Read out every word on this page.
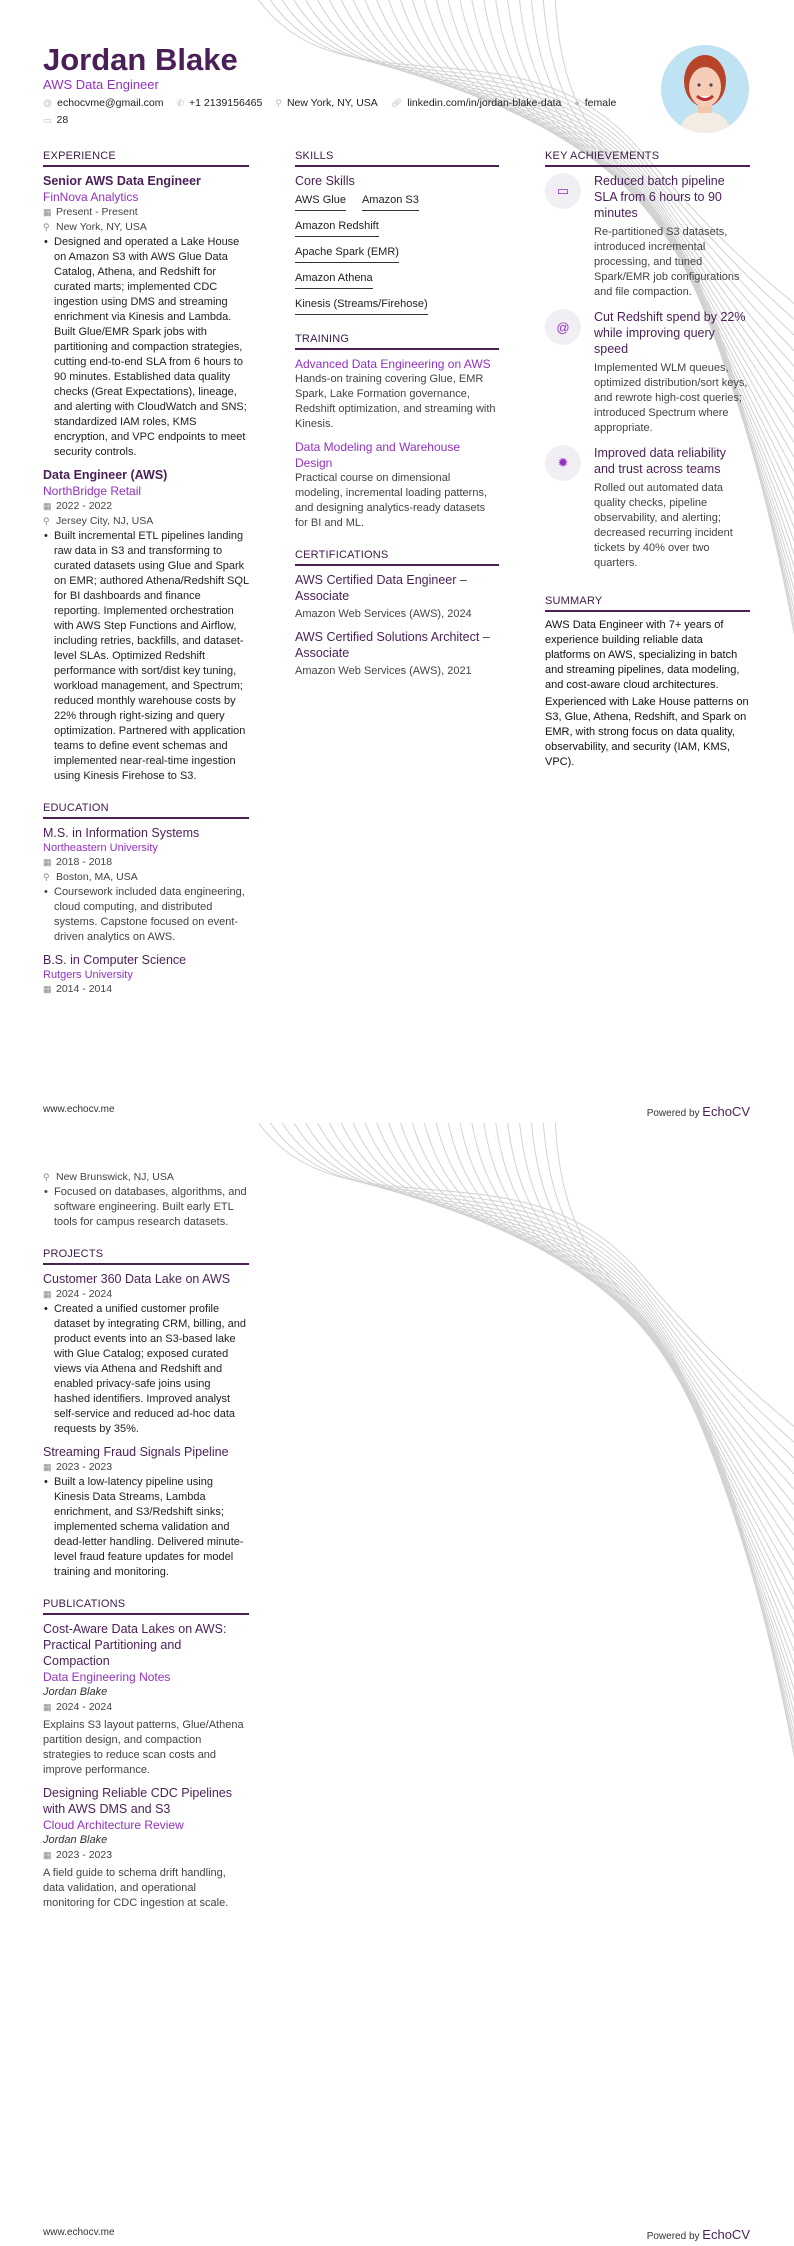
Jordan Blake
AWS Data Engineer
@ echocvme@gmail.com ✆ +1 2139156465 ⚲ New York, NY, USA 🔗︎ linkedin.com/in/jordan-blake-data ● female
▭ 28
EXPERIENCE
Senior AWS Data Engineer
FinNova Analytics
▦ Present - Present
⚲ New York, NY, USA
• Designed and operated a Lake House on Amazon S3 with AWS Glue Data Catalog, Athena, and Redshift for curated marts; implemented CDC ingestion using DMS and streaming enrichment via Kinesis and Lambda. Built Glue/EMR Spark jobs with partitioning and compaction strategies, cutting end-to-end SLA from 6 hours to 90 minutes. Established data quality checks (Great Expectations), lineage, and alerting with CloudWatch and SNS; standardized IAM roles, KMS encryption, and VPC endpoints to meet security controls.
Data Engineer (AWS)
NorthBridge Retail
▦ 2022 - 2022
⚲ Jersey City, NJ, USA
• Built incremental ETL pipelines landing raw data in S3 and transforming to curated datasets using Glue and Spark on EMR; authored Athena/Redshift SQL for BI dashboards and finance reporting. Implemented orchestration with AWS Step Functions and Airflow, including retries, backfills, and dataset-level SLAs. Optimized Redshift performance with sort/dist key tuning, workload management, and Spectrum; reduced monthly warehouse costs by 22% through right-sizing and query optimization. Partnered with application teams to define event schemas and implemented near-real-time ingestion using Kinesis Firehose to S3.
EDUCATION
M.S. in Information Systems
Northeastern University
▦ 2018 - 2018
⚲ Boston, MA, USA
• Coursework included data engineering, cloud computing, and distributed systems. Capstone focused on event-driven analytics on AWS.
B.S. in Computer Science
Rutgers University
▦ 2014 - 2014
SKILLS
Core Skills
AWS Glue Amazon S3
Amazon Redshift
Apache Spark (EMR)
Amazon Athena
Kinesis (Streams/Firehose)
TRAINING
Advanced Data Engineering on AWS
Hands-on training covering Glue, EMR Spark, Lake Formation governance, Redshift optimization, and streaming with Kinesis.
Data Modeling and Warehouse Design
Practical course on dimensional modeling, incremental loading patterns, and designing analytics-ready datasets for BI and ML.
CERTIFICATIONS
AWS Certified Data Engineer – Associate
Amazon Web Services (AWS), 2024
AWS Certified Solutions Architect – Associate
Amazon Web Services (AWS), 2021
KEY ACHIEVEMENTS
▭
Reduced batch pipeline SLA from 6 hours to 90 minutes
Re-partitioned S3 datasets, introduced incremental processing, and tuned Spark/EMR job configurations and file compaction.
@
Cut Redshift spend by 22% while improving query speed
Implemented WLM queues, optimized distribution/sort keys, and rewrote high-cost queries; introduced Spectrum where appropriate.
✹
Improved data reliability and trust across teams
Rolled out automated data quality checks, pipeline observability, and alerting; decreased recurring incident tickets by 40% over two quarters.
SUMMARY
AWS Data Engineer with 7+ years of experience building reliable data platforms on AWS, specializing in batch and streaming pipelines, data modeling, and cost-aware cloud architectures.
Experienced with Lake House patterns on S3, Glue, Athena, Redshift, and Spark on EMR, with strong focus on data quality, observability, and security (IAM, KMS, VPC).
www.echocv.me	Powered by EchoCV
⚲ New Brunswick, NJ, USA
• Focused on databases, algorithms, and software engineering. Built early ETL tools for campus research datasets.
PROJECTS
Customer 360 Data Lake on AWS
▦ 2024 - 2024
• Created a unified customer profile dataset by integrating CRM, billing, and product events into an S3-based lake with Glue Catalog; exposed curated views via Athena and Redshift and enabled privacy-safe joins using hashed identifiers. Improved analyst self-service and reduced ad-hoc data requests by 35%.
Streaming Fraud Signals Pipeline
▦ 2023 - 2023
• Built a low-latency pipeline using Kinesis Data Streams, Lambda enrichment, and S3/Redshift sinks; implemented schema validation and dead-letter handling. Delivered minute-level fraud feature updates for model training and monitoring.
PUBLICATIONS
Cost-Aware Data Lakes on AWS: Practical Partitioning and Compaction
Data Engineering Notes
Jordan Blake
▦ 2024 - 2024
Explains S3 layout patterns, Glue/Athena partition design, and compaction strategies to reduce scan costs and improve performance.
Designing Reliable CDC Pipelines with AWS DMS and S3
Cloud Architecture Review
Jordan Blake
▦ 2023 - 2023
A field guide to schema drift handling, data validation, and operational monitoring for CDC ingestion at scale.
www.echocv.me	Powered by EchoCV
